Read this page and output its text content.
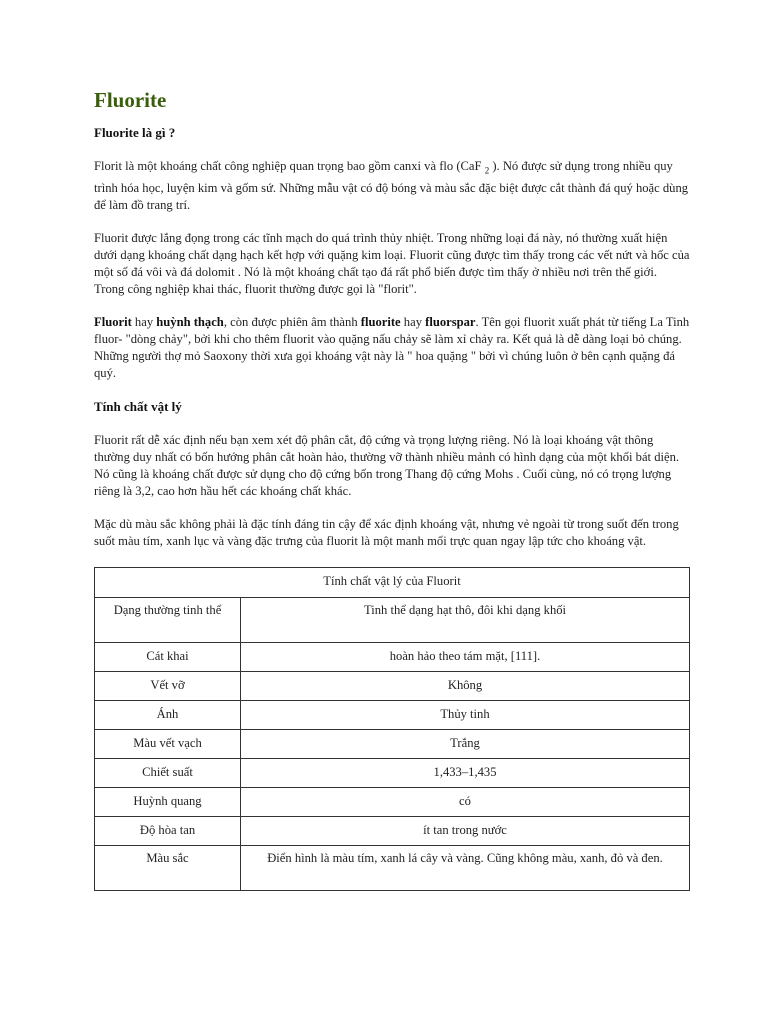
Fluorite
Fluorite là gì ?

Florit là một khoáng chất công nghiệp quan trọng bao gồm canxi và flo (CaF $_2$ ). Nó được sử dụng trong nhiều quy trình hóa học, luyện kim và gốm sứ. Những mẫu vật có độ bóng và màu sắc đặc biệt được cắt thành đá quý hoặc dùng để làm đồ trang trí.

Fluorit được lắng đọng trong các tĩnh mạch do quá trình thủy nhiệt. Trong những loại đá này, nó thường xuất hiện dưới dạng khoáng chất dạng hạch kết hợp với quặng kim loại. Fluorit cũng được tìm thấy trong các vết nứt và hốc của một số đá vôi và đá dolomit . Nó là một khoáng chất tạo đá rất phổ biến được tìm thấy ở nhiều nơi trên thế giới. Trong công nghiệp khai thác, fluorit thường được gọi là "florit".

Fluorit hay huỳnh thạch, còn được phiên âm thành fluorite hay fluorspar. Tên gọi fluorit xuất phát từ tiếng La Tinh fluor- "dòng chảy", bởi khi cho thêm fluorit vào quặng nấu chảy sẽ làm xỉ chảy ra. Kết quả là dễ dàng loại bỏ chúng. Những người thợ mỏ Saoxony thời xưa gọi khoáng vật này là " hoa quặng " bởi vì chúng luôn ở bên cạnh quặng đá quý.

Tính chất vật lý

Fluorit rất dễ xác định nếu bạn xem xét độ phân cắt, độ cứng và trọng lượng riêng. Nó là loại khoáng vật thông thường duy nhất có bốn hướng phân cắt hoàn hảo, thường vỡ thành nhiều mảnh có hình dạng của một khối bát diện. Nó cũng là khoáng chất được sử dụng cho độ cứng bốn trong Thang độ cứng Mohs . Cuối cùng, nó có trọng lượng riêng là 3,2, cao hơn hầu hết các khoáng chất khác.

Mặc dù màu sắc không phải là đặc tính đáng tin cậy để xác định khoáng vật, nhưng vẻ ngoài từ trong suốt đến trong suốt màu tím, xanh lục và vàng đặc trưng của fluorit là một manh mối trực quan ngay lập tức cho khoáng vật.

Tính chất vật lý của Fluorit	
Dạng thường tinh thể	Tinh thể dạng hạt thô, đôi khi dạng khối
Cát khai	hoàn hảo theo tám mặt, [111].
Vết vỡ	Không
Ánh	Thủy tinh
Màu vết vạch	Trắng
Chiết suất	1,433–1,435
Huỳnh quang	có
Độ hòa tan	ít tan trong nước
Màu sắc	Điển hình là màu tím, xanh lá cây và vàng. Cũng không màu, xanh, đỏ và đen.
